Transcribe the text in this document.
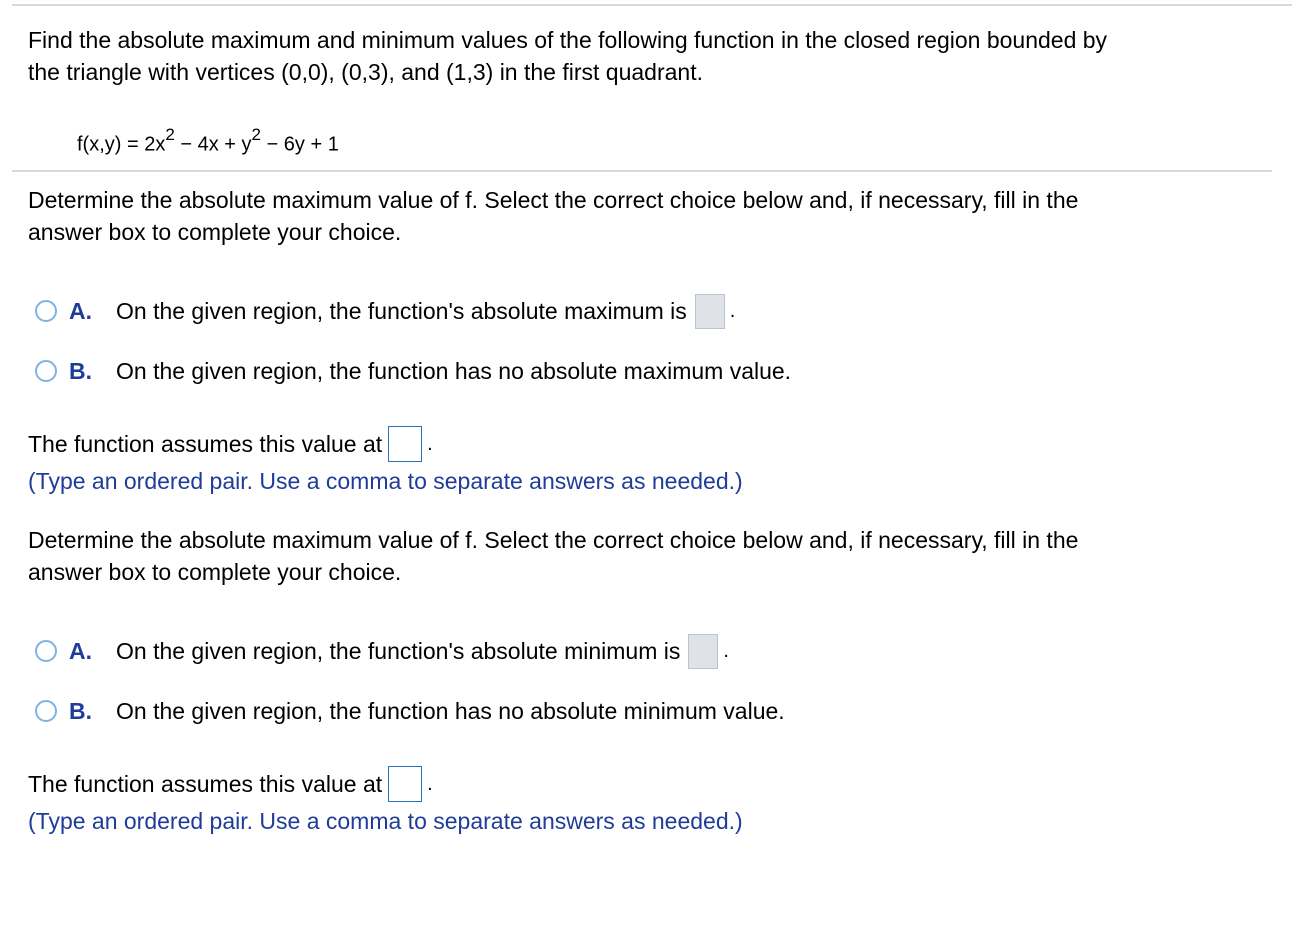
Find the absolute maximum and minimum values of the following function in the closed region bounded by
the triangle with vertices (0,0), (0,3), and (1,3) in the first quadrant.
$f(x,y) = 2x^2 - 4x + y^2 - 6y + 1$
Determine the absolute maximum value of f. Select the correct choice below and, if necessary, fill in the
answer box to complete your choice.
A.	On the given region, the function's absolute maximum is .
B.	On the given region, the function has no absolute maximum value.
The function assumes this value at .
(Type an ordered pair. Use a comma to separate answers as needed.)
Determine the absolute maximum value of f. Select the correct choice below and, if necessary, fill in the
answer box to complete your choice.
A.	On the given region, the function's absolute minimum is .
B.	On the given region, the function has no absolute minimum value.
The function assumes this value at .
(Type an ordered pair. Use a comma to separate answers as needed.)
